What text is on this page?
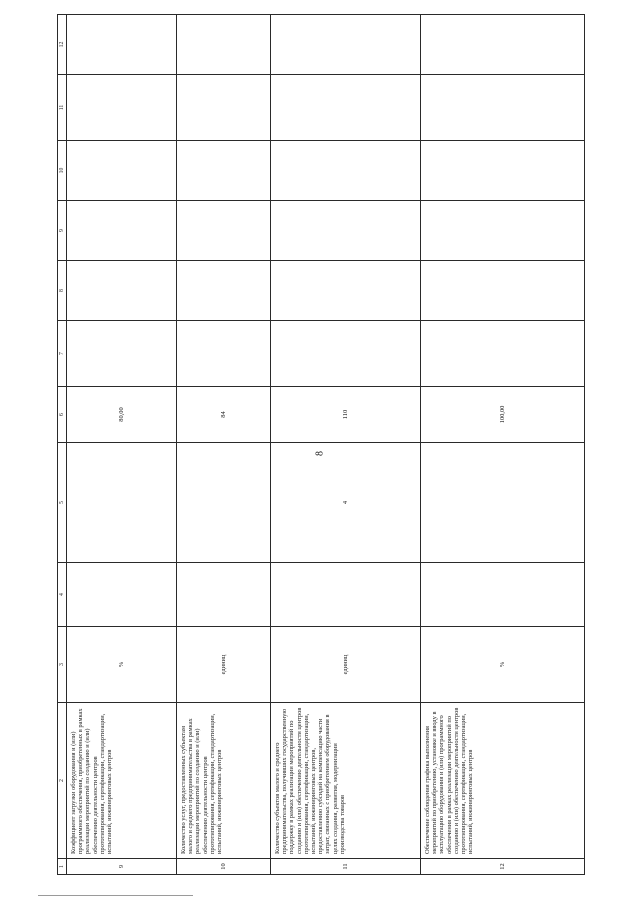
8
1	2	3	4	5	6	7	8	9	10	11	12
9	Коэффициент загрузки оборудования и (или) программного обеспечения, приобретенных в рамках реализации мероприятий по созданию и (или) обеспечению деятельности центров прототипирования, сертификации, стандартизации, испытаний, инжиниринговых центров	%			80,00						
10	Количество услуг, предоставленных субъектам малого и среднего предпринимательства в рамках реализации мероприятий по созданию и (или) обеспечению деятельности центров прототипирования, сертификации, стандартизации, испытаний, инжиниринговых центров	единиц			84						
11	Количество субъектов малого и среднего предпринимательства, получивших государственную поддержку в рамках реализации мероприятий по созданию и (или) обеспечению деятельности центров прототипирования, сертификации, стандартизации, испытаний, инжиниринговых центров, предоставлению субсидий на компенсацию части затрат, связанных с приобретением оборудования в целях создания, развития, модернизации производства товаров	единиц		4	110						
12	Обеспечение соблюдения графика выполнения мероприятий по приобретению, установке и вводу в эксплуатацию оборудования и (или) программного обеспечения в рамках реализации мероприятий по созданию и (или) обеспечению деятельности центров прототипирования, сертификации, стандартизации, испытаний, инжиниринговых центров	%			100,00						
